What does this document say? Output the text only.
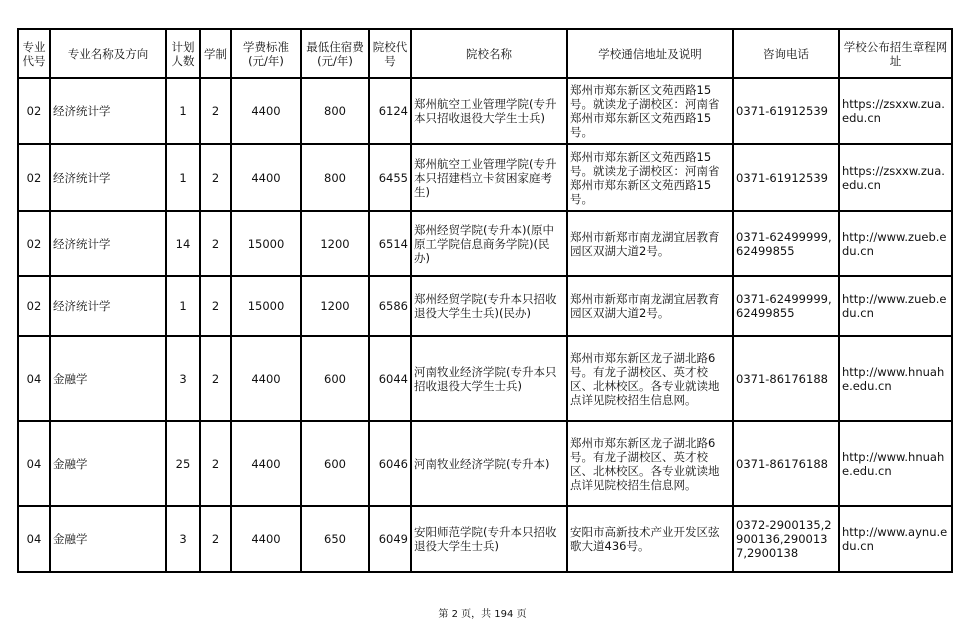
专业代号	专业名称及方向	计划人数	学制	学费标准(元/年)	最低住宿费(元/年)	院校代号	院校名称	学校通信地址及说明	咨询电话	学校公布招生章程网址
02	经济统计学	1	2	4400	800	6124	郑州航空工业管理学院(专升本只招收退役大学生士兵)	郑州市郑东新区文苑西路15号。就读龙子湖校区：河南省郑州市郑东新区文苑西路15号。	0371-61912539	https://zsxxw.zua.edu.cn
02	经济统计学	1	2	4400	800	6455	郑州航空工业管理学院(专升本只招建档立卡贫困家庭考生)	郑州市郑东新区文苑西路15号。就读龙子湖校区：河南省郑州市郑东新区文苑西路15号。	0371-61912539	https://zsxxw.zua.edu.cn
02	经济统计学	14	2	15000	1200	6514	郑州经贸学院(专升本)(原中原工学院信息商务学院)(民办)	郑州市新郑市南龙湖宜居教育园区双湖大道2号。	0371-62499999,62499855	http://www.zueb.edu.cn
02	经济统计学	1	2	15000	1200	6586	郑州经贸学院(专升本只招收退役大学生士兵)(民办)	郑州市新郑市南龙湖宜居教育园区双湖大道2号。	0371-62499999,62499855	http://www.zueb.edu.cn
04	金融学	3	2	4400	600	6044	河南牧业经济学院(专升本只招收退役大学生士兵)	郑州市郑东新区龙子湖北路6号。有龙子湖校区、英才校区、北林校区。各专业就读地点详见院校招生信息网。	0371-86176188	http://www.hnuahe.edu.cn
04	金融学	25	2	4400	600	6046	河南牧业经济学院(专升本)	郑州市郑东新区龙子湖北路6号。有龙子湖校区、英才校区、北林校区。各专业就读地点详见院校招生信息网。	0371-86176188	http://www.hnuahe.edu.cn
04	金融学	3	2	4400	650	6049	安阳师范学院(专升本只招收退役大学生士兵)	安阳市高新技术产业开发区弦歌大道436号。	0372-2900135,2900136,2900137,2900138	http://www.aynu.edu.cn
第 2 页，共 194 页
